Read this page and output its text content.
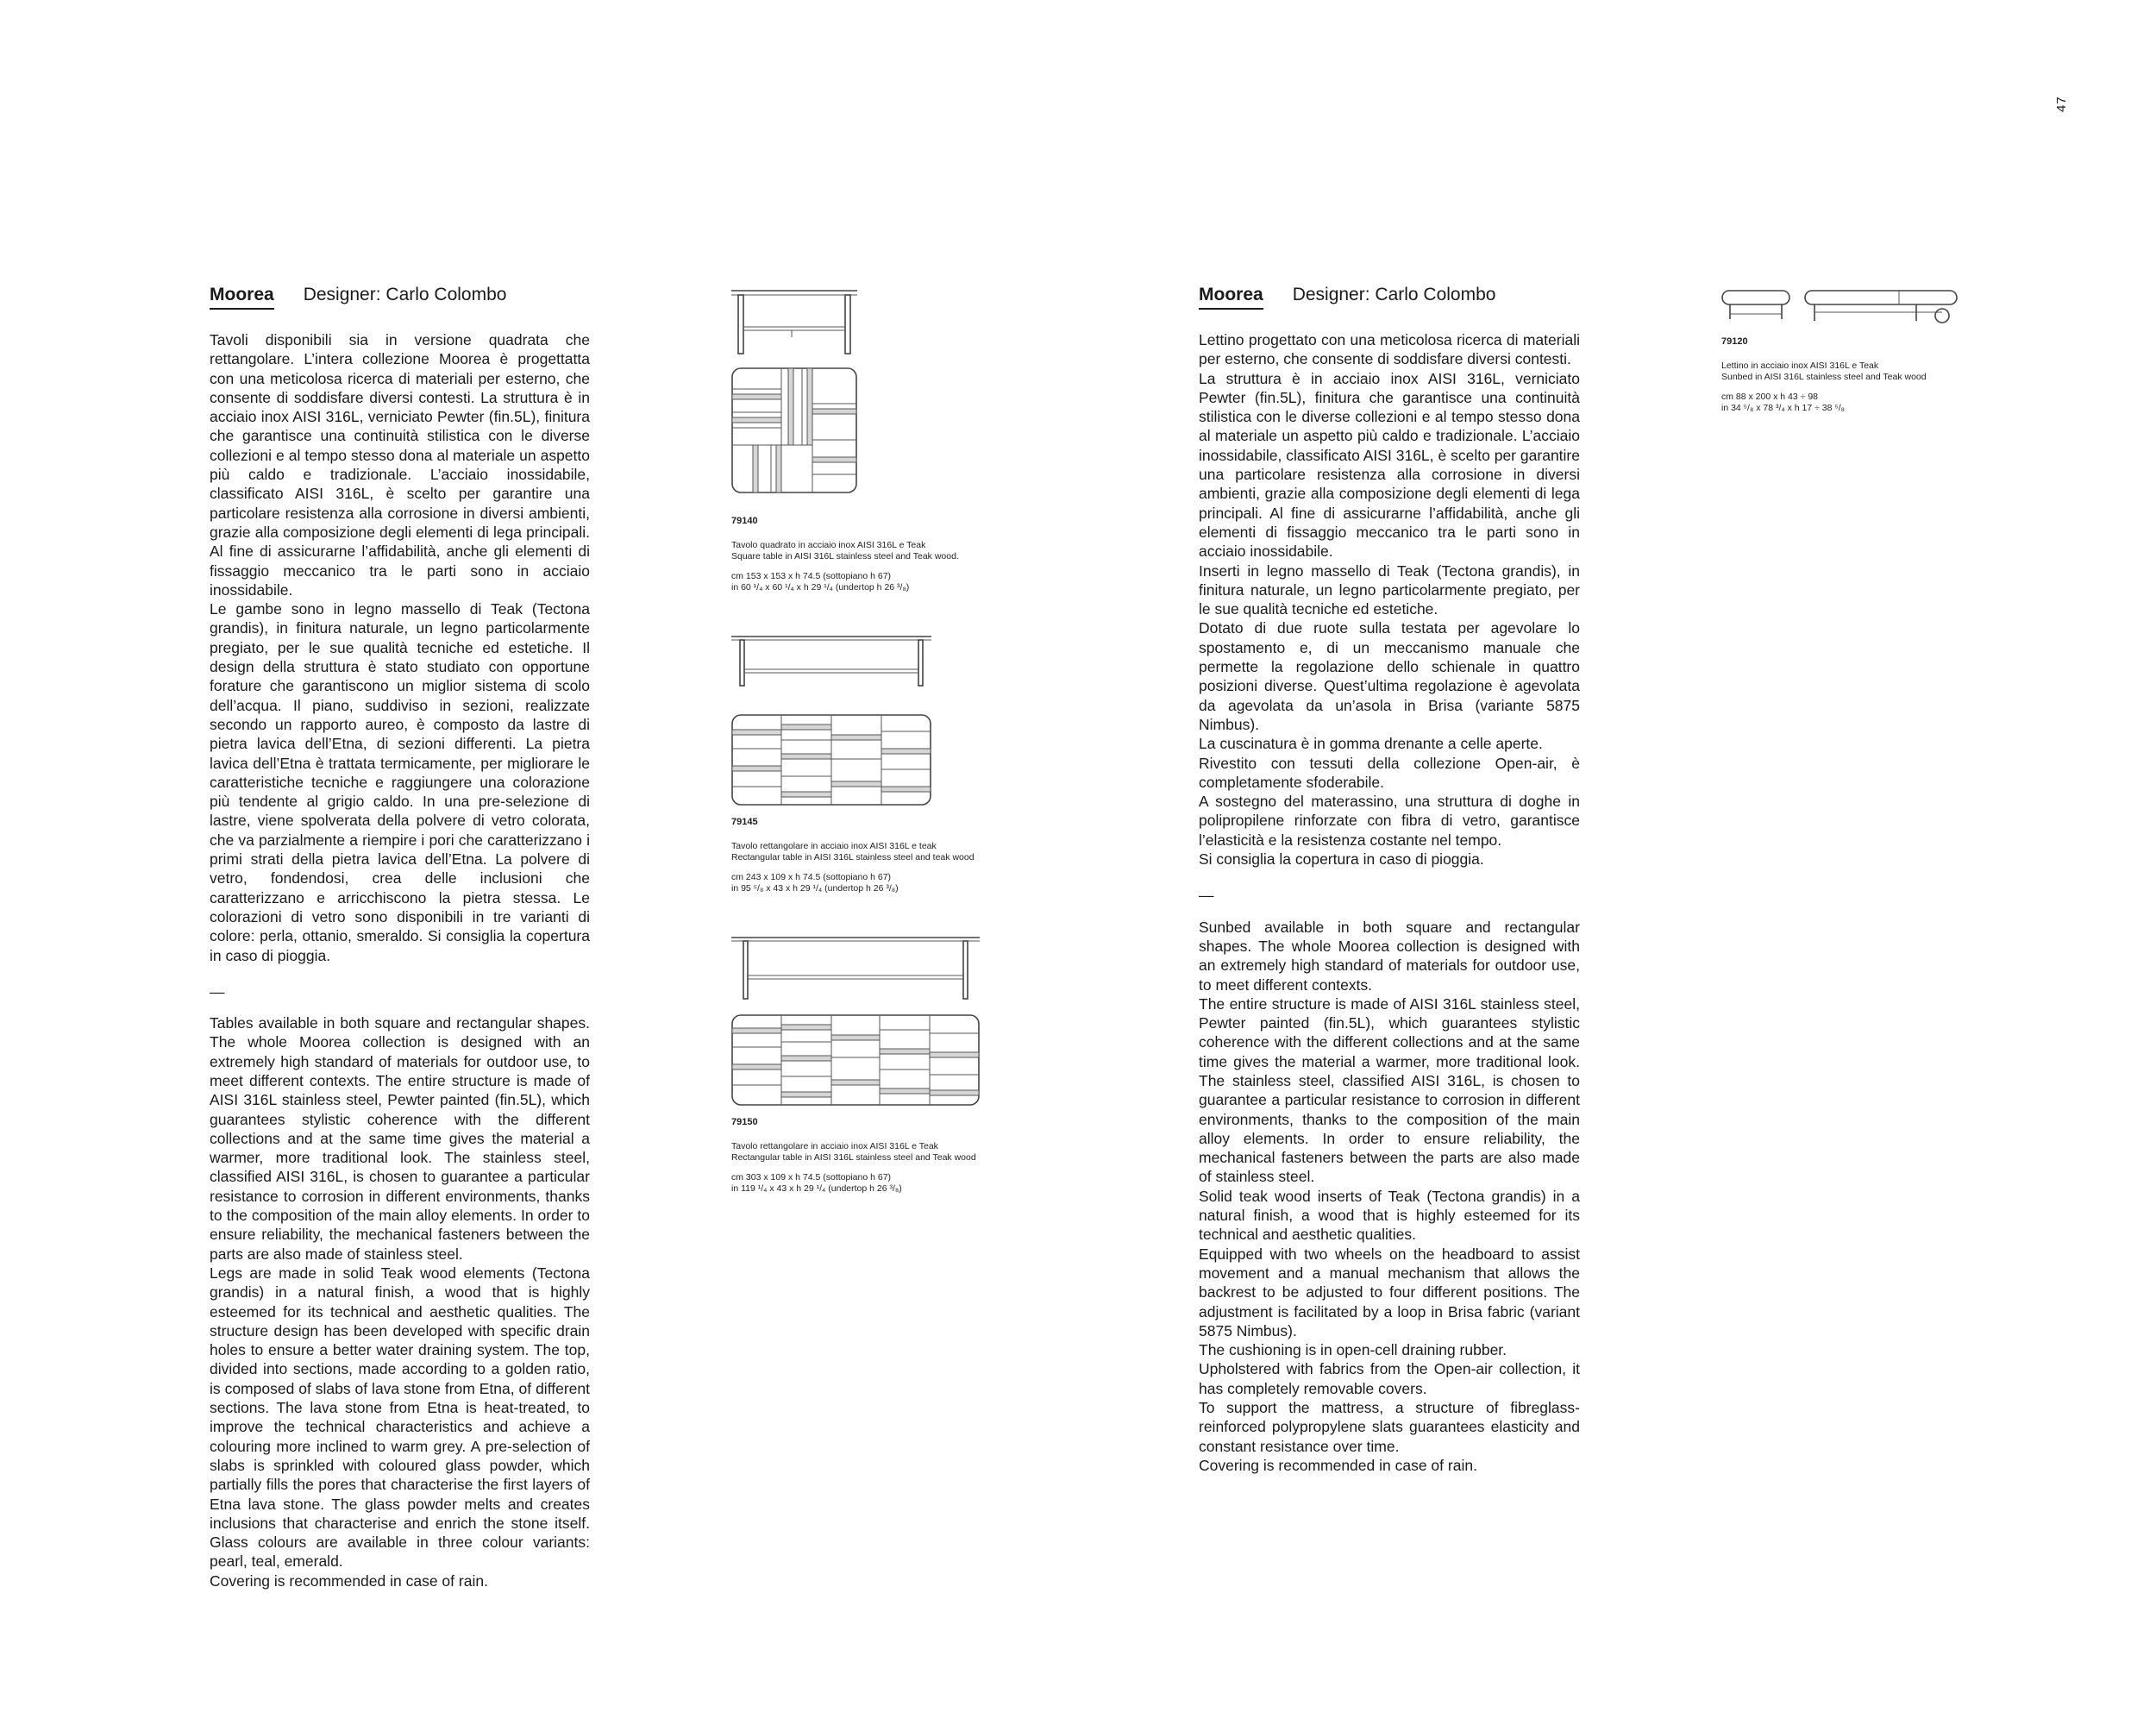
47
Moorea Designer: Carlo Colombo

Tavoli disponibili sia in versione quadrata che rettangolare. L’intera collezione Moorea è progettatta con una meticolosa ricerca di materiali per esterno, che consente di soddisfare diversi contesti. La struttura è in acciaio inox AISI 316L, verniciato Pewter (fin.5L), finitura che garantisce una continuità stilistica con le diverse collezioni e al tempo stesso dona al materiale un aspetto più caldo e tradizionale. L’acciaio inossidabile, classificato AISI 316L, è scelto per garantire una particolare resistenza alla corrosione in diversi ambienti, grazie alla composizione degli elementi di lega principali. Al fine di assicurarne l’affidabilità, anche gli elementi di fissaggio meccanico tra le parti sono in acciaio inossidabile.

Le gambe sono in legno massello di Teak (Tectona grandis), in finitura naturale, un legno particolarmente pregiato, per le sue qualità tecniche ed estetiche. Il design della struttura è stato studiato con opportune forature che garantiscono un miglior sistema di scolo dell’acqua. Il piano, suddiviso in sezioni, realizzate secondo un rapporto aureo, è composto da lastre di pietra lavica dell’Etna, di sezioni differenti. La pietra lavica dell’Etna è trattata termicamente, per migliorare le caratteristiche tecniche e raggiungere una colorazione più tendente al grigio caldo. In una pre-selezione di lastre, viene spolverata della polvere di vetro colorata, che va parzialmente a riempire i pori che caratterizzano i primi strati della pietra lavica dell’Etna. La polvere di vetro, fondendosi, crea delle inclusioni che caratterizzano e arricchiscono la pietra stessa. Le colorazioni di vetro sono disponibili in tre varianti di colore: perla, ottanio, smeraldo. Si consiglia la copertura in caso di pioggia.

—

Tables available in both square and rectangular shapes. The whole Moorea collection is designed with an extremely high standard of materials for outdoor use, to meet different contexts. The entire structure is made of AISI 316L stainless steel, Pewter painted (fin.5L), which guarantees stylistic coherence with the different collections and at the same time gives the material a warmer, more traditional look. The stainless steel, classified AISI 316L, is chosen to guarantee a particular resistance to corrosion in different environments, thanks to the composition of the main alloy elements. In order to ensure reliability, the mechanical fasteners between the parts are also made of stainless steel.

Legs are made in solid Teak wood elements (Tectona grandis) in a natural finish, a wood that is highly esteemed for its technical and aesthetic qualities. The structure design has been developed with specific drain holes to ensure a better water draining system. The top, divided into sections, made according to a golden ratio, is composed of slabs of lava stone from Etna, of different sections. The lava stone from Etna is heat-treated, to improve the technical characteristics and achieve a colouring more inclined to warm grey. A pre-selection of slabs is sprinkled with coloured glass powder, which partially fills the pores that characterise the first layers of Etna lava stone. The glass powder melts and creates inclusions that characterise and enrich the stone itself. Glass colours are available in three colour variants: pearl, teal, emerald.

Covering is recommended in case of rain.

79140
Tavolo quadrato in acciaio inox AISI 316L e Teak
Square table in AISI 316L stainless steel and Teak wood.
cm 153 x 153 x h 74.5 (sottopiano h 67)
in 60 ¹/₄ x 60 ¹/₄ x h 29 ¹/₄ (undertop h 26 ³/₈)
79145
Tavolo rettangolare in acciaio inox AISI 316L e teak
Rectangular table in AISI 316L stainless steel and teak wood
cm 243 x 109 x h 74.5 (sottopiano h 67)
in 95 ⁵/₈ x 43 x h 29 ¹/₄ (undertop h 26 ³/₈)
79150
Tavolo rettangolare in acciaio inox AISI 316L e Teak
Rectangular table in AISI 316L stainless steel and Teak wood
cm 303 x 109 x h 74.5 (sottopiano h 67)
in 119 ¹/₄ x 43 x h 29 ¹/₄ (undertop h 26 ³/₈)
Moorea Designer: Carlo Colombo

Lettino progettato con una meticolosa ricerca di materiali per esterno, che consente di soddisfare diversi contesti.

La struttura è in acciaio inox AISI 316L, verniciato Pewter (fin.5L), finitura che garantisce una continuità stilistica con le diverse collezioni e al tempo stesso dona al materiale un aspetto più caldo e tradizionale. L’acciaio inossidabile, classificato AISI 316L, è scelto per garantire una particolare resistenza alla corrosione in diversi ambienti, grazie alla composizione degli elementi di lega principali. Al fine di assicurarne l’affidabilità, anche gli elementi di fissaggio meccanico tra le parti sono in acciaio inossidabile.

Inserti in legno massello di Teak (Tectona grandis), in finitura naturale, un legno particolarmente pregiato, per le sue qualità tecniche ed estetiche.

Dotato di due ruote sulla testata per agevolare lo spostamento e, di un meccanismo manuale che permette la regolazione dello schienale in quattro posizioni diverse. Quest’ultima regolazione è agevolata da agevolata da un’asola in Brisa (variante 5875 Nimbus).

La cuscinatura è in gomma drenante a celle aperte.

Rivestito con tessuti della collezione Open-air, è completamente sfoderabile.

A sostegno del materassino, una struttura di doghe in polipropilene rinforzate con fibra di vetro, garantisce l’elasticità e la resistenza costante nel tempo.

Si consiglia la copertura in caso di pioggia.

—

Sunbed available in both square and rectangular shapes. The whole Moorea collection is designed with an extremely high standard of materials for outdoor use, to meet different contexts.

The entire structure is made of AISI 316L stainless steel, Pewter painted (fin.5L), which guarantees stylistic coherence with the different collections and at the same time gives the material a warmer, more traditional look. The stainless steel, classified AISI 316L, is chosen to guarantee a particular resistance to corrosion in different environments, thanks to the composition of the main alloy elements. In order to ensure reliability, the mechanical fasteners between the parts are also made of stainless steel.

Solid teak wood inserts of Teak (Tectona grandis) in a natural finish, a wood that is highly esteemed for its technical and aesthetic qualities.

Equipped with two wheels on the headboard to assist movement and a manual mechanism that allows the backrest to be adjusted to four different positions. The adjustment is facilitated by a loop in Brisa fabric (variant 5875 Nimbus).

The cushioning is in open-cell draining rubber.

Upholstered with fabrics from the Open-air collection, it has completely removable covers.

To support the mattress, a structure of fibreglass-reinforced polypropylene slats guarantees elasticity and constant resistance over time.

Covering is recommended in case of rain.

79120
Lettino in acciaio inox AISI 316L e Teak
Sunbed in AISI 316L stainless steel and Teak wood
cm 88 x 200 x h 43 ÷ 98
in 34 ⁵/₈ x 78 ³/₄ x h 17 ÷ 38 ⁵/₈
